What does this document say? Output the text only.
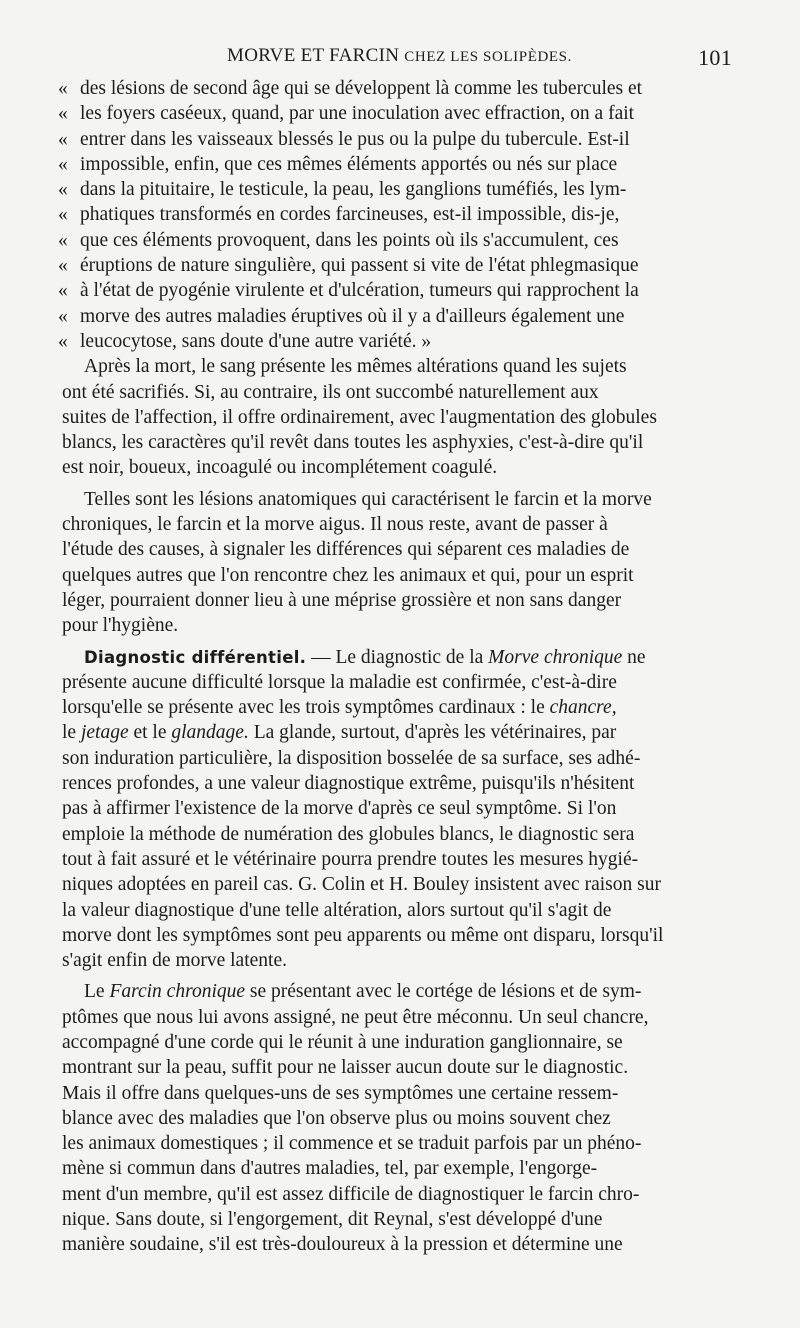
MORVE ET FARCIN CHEZ LES SOLIPÈDES.	101
« des lésions de second âge qui se développent là comme les tubercules et
« les foyers caséeux, quand, par une inoculation avec effraction, on a fait
« entrer dans les vaisseaux blessés le pus ou la pulpe du tubercule. Est-il
« impossible, enfin, que ces mêmes éléments apportés ou nés sur place
« dans la pituitaire, le testicule, la peau, les ganglions tuméfiés, les lym-
« phatiques transformés en cordes farcineuses, est-il impossible, dis-je,
« que ces éléments provoquent, dans les points où ils s'accumulent, ces
« éruptions de nature singulière, qui passent si vite de l'état phlegmasique
« à l'état de pyogénie virulente et d'ulcération, tumeurs qui rapprochent la
« morve des autres maladies éruptives où il y a d'ailleurs également une
« leucocytose, sans doute d'une autre variété. »
Après la mort, le sang présente les mêmes altérations quand les sujets
ont été sacrifiés. Si, au contraire, ils ont succombé naturellement aux
suites de l'affection, il offre ordinairement, avec l'augmentation des globules
blancs, les caractères qu'il revêt dans toutes les asphyxies, c'est-à-dire qu'il
est noir, boueux, incoagulé ou incomplétement coagulé.
Telles sont les lésions anatomiques qui caractérisent le farcin et la morve
chroniques, le farcin et la morve aigus. Il nous reste, avant de passer à
l'étude des causes, à signaler les différences qui séparent ces maladies de
quelques autres que l'on rencontre chez les animaux et qui, pour un esprit
léger, pourraient donner lieu à une méprise grossière et non sans danger
pour l'hygiène.
Diagnostic différentiel. — Le diagnostic de la Morve chronique ne
présente aucune difficulté lorsque la maladie est confirmée, c'est-à-dire
lorsqu'elle se présente avec les trois symptômes cardinaux : le chancre,
le jetage et le glandage. La glande, surtout, d'après les vétérinaires, par
son induration particulière, la disposition bosselée de sa surface, ses adhé-
rences profondes, a une valeur diagnostique extrême, puisqu'ils n'hésitent
pas à affirmer l'existence de la morve d'après ce seul symptôme. Si l'on
emploie la méthode de numération des globules blancs, le diagnostic sera
tout à fait assuré et le vétérinaire pourra prendre toutes les mesures hygié-
niques adoptées en pareil cas. G. Colin et H. Bouley insistent avec raison sur
la valeur diagnostique d'une telle altération, alors surtout qu'il s'agit de
morve dont les symptômes sont peu apparents ou même ont disparu, lorsqu'il
s'agit enfin de morve latente.
Le Farcin chronique se présentant avec le cortége de lésions et de sym-
ptômes que nous lui avons assigné, ne peut être méconnu. Un seul chancre,
accompagné d'une corde qui le réunit à une induration ganglionnaire, se
montrant sur la peau, suffit pour ne laisser aucun doute sur le diagnostic.
Mais il offre dans quelques-uns de ses symptômes une certaine ressem-
blance avec des maladies que l'on observe plus ou moins souvent chez
les animaux domestiques ; il commence et se traduit parfois par un phéno-
mène si commun dans d'autres maladies, tel, par exemple, l'engorge-
ment d'un membre, qu'il est assez difficile de diagnostiquer le farcin chro-
nique. Sans doute, si l'engorgement, dit Reynal, s'est développé d'une
manière soudaine, s'il est très-douloureux à la pression et détermine une
